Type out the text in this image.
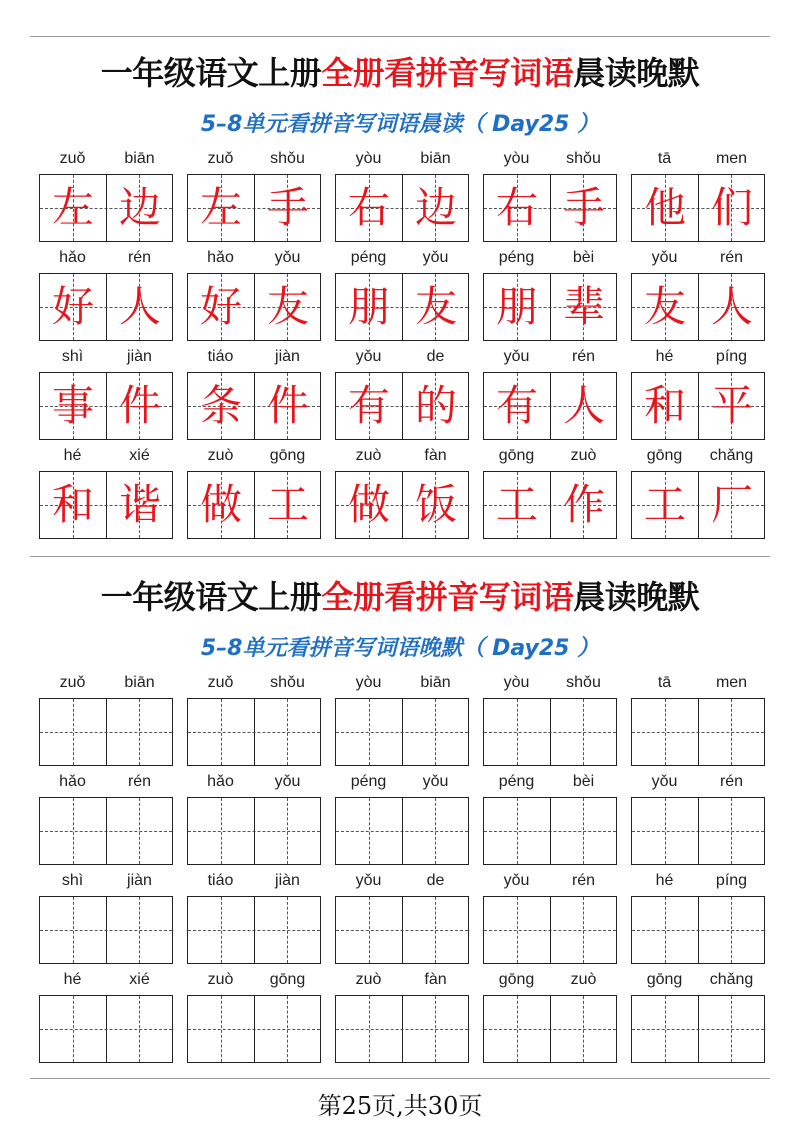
一年级语文上册全册看拼音写词语晨读晚默
5–8单元看拼音写词语晨读（ Day25 ）
zuǒ	biān
左 边
zuǒ	shǒu
左 手
yòu	biān
右 边
yòu	shǒu
右 手
tā	men
他 们
hǎo	rén
好 人
hǎo	yǒu
好 友
péng	yǒu
朋 友
péng	bèi
朋 辈
yǒu	rén
友 人
shì	jiàn
事 件
tiáo	jiàn
条 件
yǒu	de
有 的
yǒu	rén
有 人
hé	píng
和 平
hé	xié
和 谐
zuò	gōng
做 工
zuò	fàn
做 饭
gōng	zuò
工 作
gōng	chǎng
工 厂
一年级语文上册全册看拼音写词语晨读晚默
5–8单元看拼音写词语晚默（ Day25 ）
zuǒ	biān	zuǒ	shǒu	yòu	biān	yòu	shǒu	tā	men
hǎo	rén	hǎo	yǒu	péng	yǒu	péng	bèi	yǒu	rén
shì	jiàn	tiáo	jiàn	yǒu	de	yǒu	rén	hé	píng
hé	xié	zuò	gōng	zuò	fàn	gōng	zuò	gōng	chǎng
第25页,共30页
